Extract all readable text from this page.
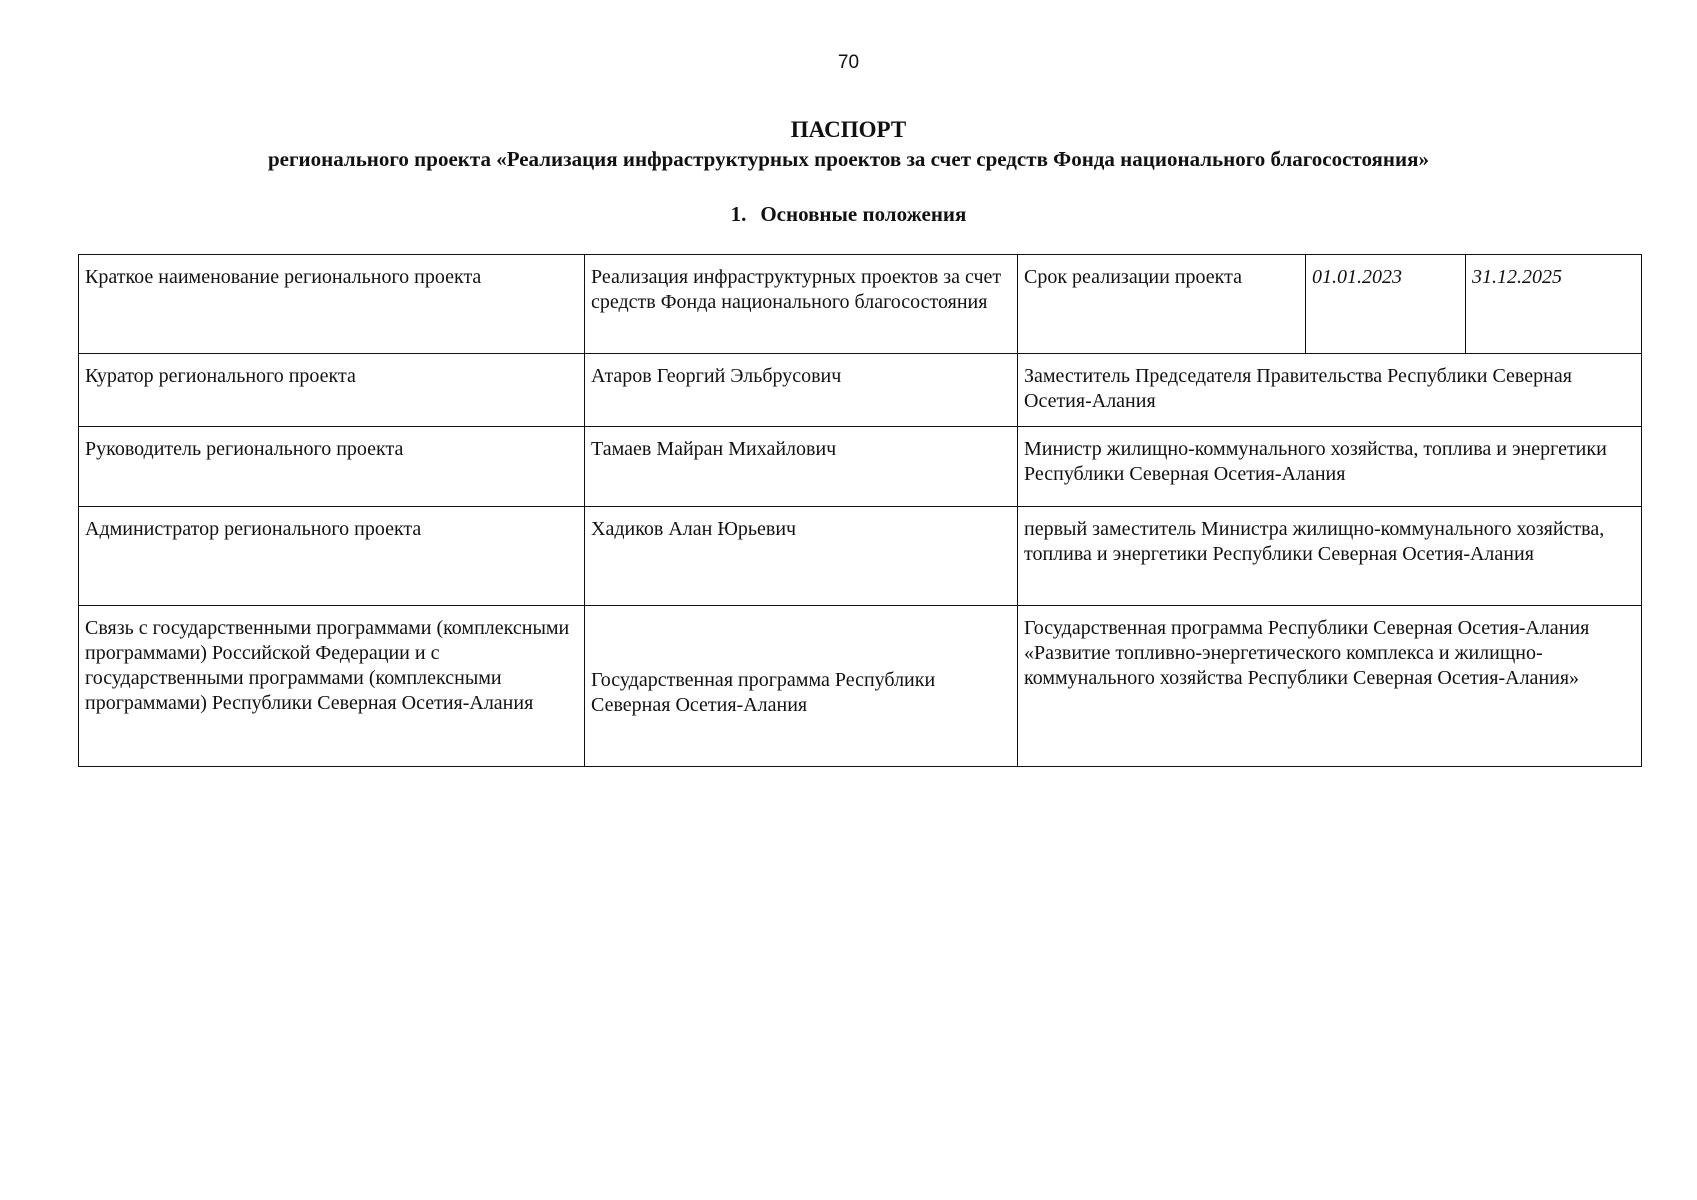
70
ПАСПОРТ
регионального проекта «Реализация инфраструктурных проектов за счет средств Фонда национального благосостояния»
1. Основные положения
Краткое наименование регионального проекта	Реализация инфраструктурных проектов за счет средств Фонда национального благосостояния	Срок реализации проекта	01.01.2023	31.12.2025
Куратор регионального проекта	Атаров Георгий Эльбрусович	Заместитель Председателя Правительства Республики Северная Осетия-Алания		
Руководитель регионального проекта	Тамаев Майран Михайлович	Министр жилищно-коммунального хозяйства, топлива и энергетики Республики Северная Осетия-Алания		
Администратор регионального проекта	Хадиков Алан Юрьевич	первый заместитель Министра жилищно-коммунального хозяйства, топлива и энергетики Республики Северная Осетия-Алания		
Связь с государственными программами (комплексными программами) Российской Федерации и с государственными программами (комплексными программами) Республики Северная Осетия-Алания	Государственная программа Республики Северная Осетия-Алания	Государственная программа Республики Северная Осетия-Алания «Развитие топливно-энергетического комплекса и жилищно-коммунального хозяйства Республики Северная Осетия-Алания»		
